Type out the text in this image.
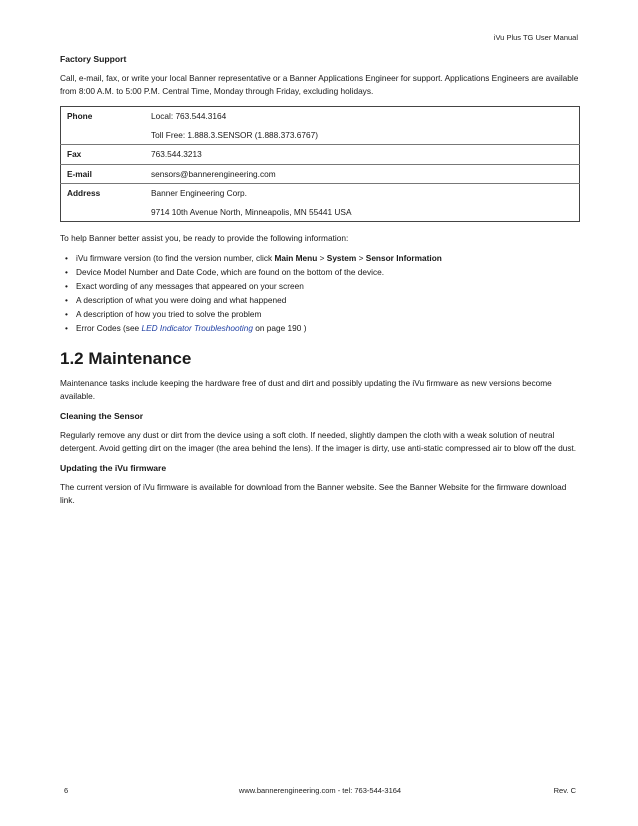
iVu Plus TG User Manual
Factory Support

Call, e-mail, fax, or write your local Banner representative or a Banner Applications Engineer for support. Applications Engineers are available from 8:00 A.M. to 5:00 P.M. Central Time, Monday through Friday, excluding holidays.

Phone	Local: 763.544.3164
	Toll Free: 1.888.3.SENSOR (1.888.373.6767)
Fax	763.544.3213
E-mail	sensors@bannerengineering.com
Address	Banner Engineering Corp.
	9714 10th Avenue North, Minneapolis, MN 55441 USA

To help Banner better assist you, be ready to provide the following information:

• iVu firmware version (to find the version number, click Main Menu > System > Sensor Information
• Device Model Number and Date Code, which are found on the bottom of the device.
• Exact wording of any messages that appeared on your screen
• A description of what you were doing and what happened
• A description of how you tried to solve the problem
• Error Codes (see LED Indicator Troubleshooting on page 190 )
1.2 Maintenance

Maintenance tasks include keeping the hardware free of dust and dirt and possibly updating the iVu firmware as new versions become available.

Cleaning the Sensor

Regularly remove any dust or dirt from the device using a soft cloth. If needed, slightly dampen the cloth with a weak solution of neutral detergent. Avoid getting dirt on the imager (the area behind the lens). If the imager is dirty, use anti-static compressed air to blow off the dust.

Updating the iVu firmware

The current version of iVu firmware is available for download from the Banner website. See the Banner Website for the firmware download link.

6	www.bannerengineering.com - tel: 763-544-3164	Rev. C
